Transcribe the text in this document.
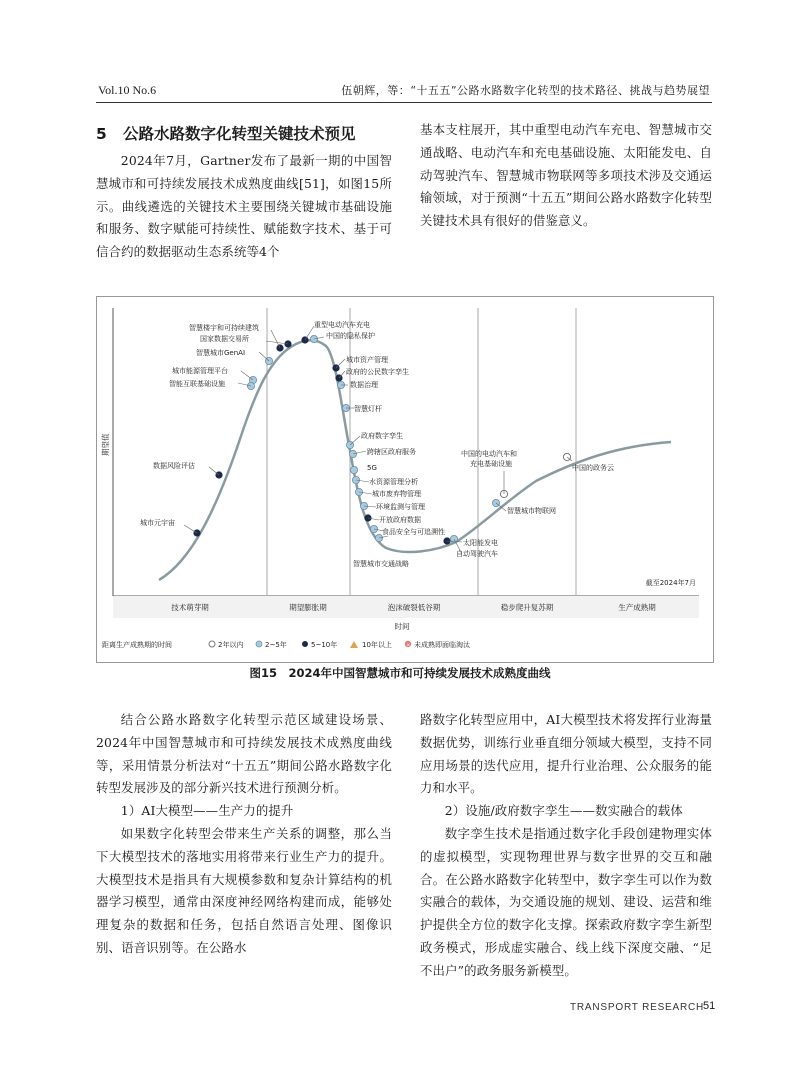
Vol.10 No.6	伍朝辉，等：“十五五”公路水路数字化转型的技术路径、挑战与趋势展望
5 公路水路数字化转型关键技术预见

2024年7月，Gartner发布了最新一期的中国智慧城市和可持续发展技术成熟度曲线[51]，如图15所示。曲线遴选的关键技术主要围绕关键城市基础设施和服务、数字赋能可持续性、赋能数字技术、基于可信合约的数据驱动生态系统等4个

基本支柱展开，其中重型电动汽车充电、智慧城市交通战略、电动汽车和充电基础设施、太阳能发电、自动驾驶汽车、智慧城市物联网等多项技术涉及交通运输领域，对于预测“十五五”期间公路水路数字化转型关键技术具有很好的借鉴意义。

智慧楼宇和可持续建筑
国家数据交易所
智慧城市GenAI
城市能源管理平台
智能互联基础设施
数据风险评估
城市元宇宙
重型电动汽车充电
中国的隐私保护
城市资产管理
政府的公民数字孪生
数据治理
智慧灯杆
政府数字孪生
跨辖区政府服务
5G
水资源管理分析
城市废弃物管理
环境监测与管理
开放政府数据
食品安全与可追溯性
智慧城市交通战略
太阳能发电
自动驾驶汽车
中国的电动汽车和
充电基础设施
智慧城市物联网
中国的政务云
期望值
时间
截至2024年7月
技术萌芽期	期望膨胀期	泡沫破裂低谷期	稳步爬升复苏期	生产成熟期
距离生产成熟期的时间	2年以内	2~5年	5~10年	10年以上	× 未成熟即面临淘汰
图15　2024年中国智慧城市和可持续发展技术成熟度曲线

结合公路水路数字化转型示范区域建设场景、2024年中国智慧城市和可持续发展技术成熟度曲线等，采用情景分析法对“十五五”期间公路水路数字化转型发展涉及的部分新兴技术进行预测分析。

1）AI大模型——生产力的提升

如果数字化转型会带来生产关系的调整，那么当下大模型技术的落地实用将带来行业生产力的提升。大模型技术是指具有大规模参数和复杂计算结构的机器学习模型，通常由深度神经网络构建而成，能够处理复杂的数据和任务，包括自然语言处理、图像识别、语音识别等。在公路水

路数字化转型应用中，AI大模型技术将发挥行业海量数据优势，训练行业垂直细分领域大模型，支持不同应用场景的迭代应用，提升行业治理、公众服务的能力和水平。

2）设施/政府数字孪生——数实融合的载体

数字孪生技术是指通过数字化手段创建物理实体的虚拟模型，实现物理世界与数字世界的交互和融合。在公路水路数字化转型中，数字孪生可以作为数实融合的载体，为交通设施的规划、建设、运营和维护提供全方位的数字化支撑。探索政府数字孪生新型政务模式，形成虚实融合、线上线下深度交融、“足不出户”的政务服务新模型。

TRANSPORT RESEARCH
51
